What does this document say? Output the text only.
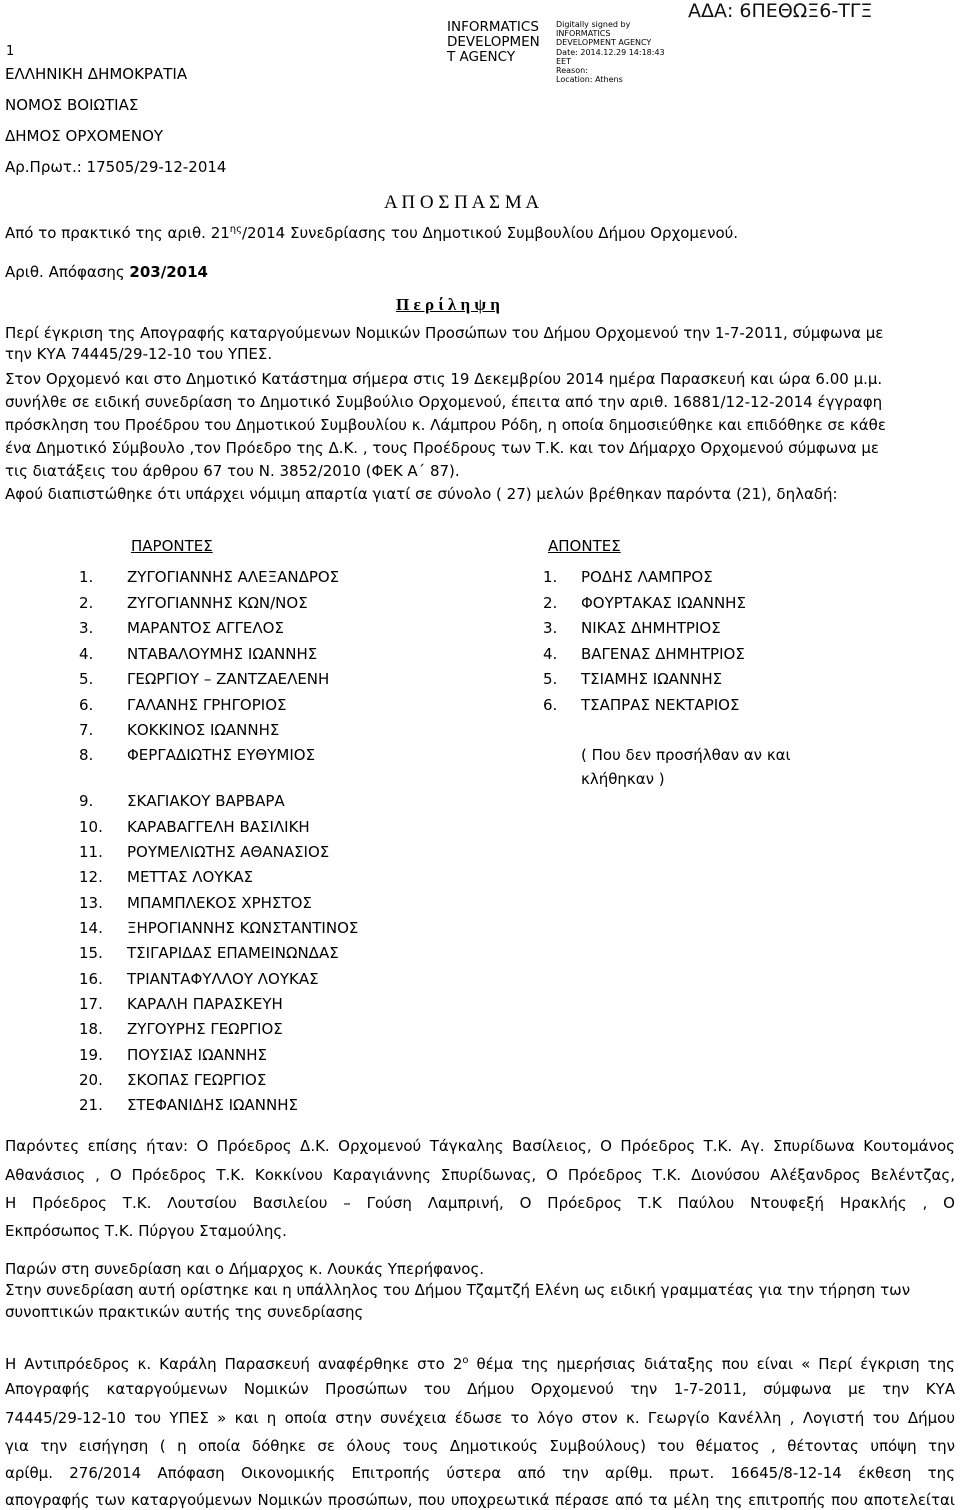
1
ΑΔΑ: 6ΠΕΘΩΞ6-ΤΓΞ
INFORMATICS
DEVELOPMEN
T AGENCY
Digitally signed by
INFORMATICS
DEVELOPMENT AGENCY
Date: 2014.12.29 14:18:43
EET
Reason:
Location: Athens
ΕΛΛΗΝΙΚΗ ΔΗΜΟΚΡΑΤΙΑ
ΝΟΜΟΣ ΒΟΙΩΤΙΑΣ
ΔΗΜΟΣ ΟΡΧΟΜΕΝΟΥ
Αρ.Πρωτ.: 17505/29-12-2014
Α Π Ο Σ Π Α Σ Μ Α
Από το πρακτικό της αριθ. $21^{\eta\varsigma}/2014$ Συνεδρίασης του Δημοτικού Συμβουλίου Δήμου Ορχομενού.
Αριθ. Απόφασης 203/2014
Π ε ρ ί λ η ψ η
Περί έγκριση της Απογραφής καταργούμενων Νομικών Προσώπων του Δήμου Ορχομενού την 1-7-2011, σύμφωνα με
την ΚΥΑ 74445/29-12-10 του ΥΠΕΣ.
Στον Ορχομενό και στο Δημοτικό Κατάστημα σήμερα στις 19 Δεκεμβρίου 2014 ημέρα Παρασκευή και ώρα 6.00 μ.μ.
συνήλθε σε ειδική συνεδρίαση το Δημοτικό Συμβούλιο Ορχομενού, έπειτα από την αριθ. 16881/12-12-2014 έγγραφη
πρόσκληση του Προέδρου του Δημοτικού Συμβουλίου κ. Λάμπρου Ρόδη, η οποία δημοσιεύθηκε και επιδόθηκε σε κάθε
ένα Δημοτικό Σύμβουλο ,τον Πρόεδρο της Δ.Κ. , τους Προέδρους των Τ.Κ. και τον Δήμαρχο Ορχομενού σύμφωνα με
τις διατάξεις του άρθρου 67 του Ν. 3852/2010 (ΦΕΚ Α΄ 87).
Αφού διαπιστώθηκε ότι υπάρχει νόμιμη απαρτία γιατί σε σύνολο ( 27) μελών βρέθηκαν παρόντα (21), δηλαδή:
ΠΑΡΟΝΤΕΣ	ΑΠΟΝΤΕΣ
1. ΖΥΓΟΓΙΑΝΝΗΣ ΑΛΕΞΑΝΔΡΟΣ
2. ΖΥΓΟΓΙΑΝΝΗΣ ΚΩΝ/ΝΟΣ
3. ΜΑΡΑΝΤΟΣ ΑΓΓΕΛΟΣ
4. ΝΤΑΒΑΛΟΥΜΗΣ ΙΩΑΝΝΗΣ
5. ΓΕΩΡΓΙΟΥ – ΖΑΝΤΖΑΕΛΕΝΗ
6. ΓΑΛΑΝΗΣ ΓΡΗΓΟΡΙΟΣ
7. ΚΟΚΚΙΝΟΣ ΙΩΑΝΝΗΣ
8. ΦΕΡΓΑΔΙΩΤΗΣ ΕΥΘΥΜΙΟΣ
9. ΣΚΑΓΙΑΚΟΥ ΒΑΡΒΑΡΑ
10. ΚΑΡΑΒΑΓΓΕΛΗ ΒΑΣΙΛΙΚΗ
11. ΡΟΥΜΕΛΙΩΤΗΣ ΑΘΑΝΑΣΙΟΣ
12. ΜΕΤΤΑΣ ΛΟΥΚΑΣ
13. ΜΠΑΜΠΛΕΚΟΣ ΧΡΗΣΤΟΣ
14. ΞΗΡΟΓΙΑΝΝΗΣ ΚΩΝΣΤΑΝΤΙΝΟΣ
15. ΤΣΙΓΑΡΙΔΑΣ ΕΠΑΜΕΙΝΩΝΔΑΣ
16. ΤΡΙΑΝΤΑΦΥΛΛΟΥ ΛΟΥΚΑΣ
17. ΚΑΡΑΛΗ ΠΑΡΑΣΚΕΥΗ
18. ΖΥΓΟΥΡΗΣ ΓΕΩΡΓΙΟΣ
19. ΠΟΥΣΙΑΣ ΙΩΑΝΝΗΣ
20. ΣΚΟΠΑΣ ΓΕΩΡΓΙΟΣ
21. ΣΤΕΦΑΝΙΔΗΣ ΙΩΑΝΝΗΣ
1. ΡΟΔΗΣ ΛΑΜΠΡΟΣ
2. ΦΟΥΡΤΑΚΑΣ ΙΩΑΝΝΗΣ
3. ΝΙΚΑΣ ΔΗΜΗΤΡΙΟΣ
4. ΒΑΓΕΝΑΣ ΔΗΜΗΤΡΙΟΣ
5. ΤΣΙΑΜΗΣ ΙΩΑΝΝΗΣ
6. ΤΣΑΠΡΑΣ ΝΕΚΤΑΡΙΟΣ
( Που δεν προσήλθαν αν και
κλήθηκαν )
Παρόντες επίσης ήταν: Ο Πρόεδρος Δ.Κ. Ορχομενού Τάγκαλης Βασίλειος, Ο Πρόεδρος Τ.Κ. Αγ. Σπυρίδωνα Κουτομάνος
Αθανάσιος , Ο Πρόεδρος Τ.Κ. Κοκκίνου Καραγιάννης Σπυρίδωνας, Ο Πρόεδρος Τ.Κ. Διονύσου Αλέξανδρος Βελέντζας,
Η Πρόεδρος Τ.Κ. Λουτσίου Βασιλείου – Γούση Λαμπρινή, Ο Πρόεδρος Τ.Κ Παύλου Ντουφεξή Ηρακλής , Ο
Εκπρόσωπος Τ.Κ. Πύργου Σταμούλης.
Παρών στη συνεδρίαση και ο Δήμαρχος κ. Λουκάς Υπερήφανος.
Στην συνεδρίαση αυτή ορίστηκε και η υπάλληλος του Δήμου Τζαμτζή Ελένη ως ειδική γραμματέας για την τήρηση των
συνοπτικών πρακτικών αυτής της συνεδρίασης
Η Αντιπρόεδρος κ. Καράλη Παρασκευή αναφέρθηκε στο $2^o$ θέμα της ημερήσιας διάταξης που είναι « Περί έγκριση της
Απογραφής καταργούμενων Νομικών Προσώπων του Δήμου Ορχομενού την 1-7-2011, σύμφωνα με την ΚΥΑ
74445/29-12-10 του ΥΠΕΣ » και η οποία στην συνέχεια έδωσε το λόγο στον κ. Γεωργίο Κανέλλη , Λογιστή του Δήμου
για την εισήγηση ( η οποία δόθηκε σε όλους τους Δημοτικούς Συμβούλους) του θέματος , θέτοντας υπόψη την
αρίθμ. 276/2014 Απόφαση Οικονομικής Επιτροπής ύστερα από την αρίθμ. πρωτ. 16645/8-12-14 έκθεση της
απογραφής των καταργούμενων Νομικών προσώπων, που υποχρεωτικά πέρασε από τα μέλη της επιτροπής που αποτελείται
